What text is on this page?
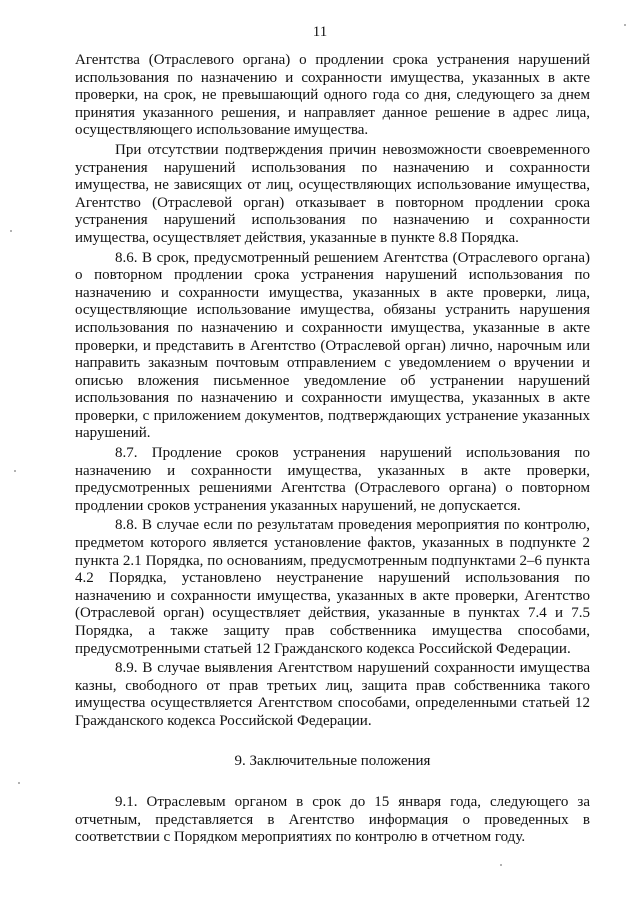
11

Агентства (Отраслевого органа) о продлении срока устранения нарушений использования по назначению и сохранности имущества, указанных в акте проверки, на срок, не превышающий одного года со дня, следующего за днем принятия указанного решения, и направляет данное решение в адрес лица, осуществляющего использование имущества.

При отсутствии подтверждения причин невозможности своевременного устранения нарушений использования по назначению и сохранности имущества, не зависящих от лиц, осуществляющих использование имущества, Агентство (Отраслевой орган) отказывает в повторном продлении срока устранения нарушений использования по назначению и сохранности имущества, осуществляет действия, указанные в пункте 8.8 Порядка.

8.6. В срок, предусмотренный решением Агентства (Отраслевого органа) о повторном продлении срока устранения нарушений использования по назначению и сохранности имущества, указанных в акте проверки, лица, осуществляющие использование имущества, обязаны устранить нарушения использования по назначению и сохранности имущества, указанные в акте проверки, и представить в Агентство (Отраслевой орган) лично, нарочным или направить заказным почтовым отправлением с уведомлением о вручении и описью вложения письменное уведомление об устранении нарушений использования по назначению и сохранности имущества, указанных в акте проверки, с приложением документов, подтверждающих устранение указанных нарушений.

8.7. Продление сроков устранения нарушений использования по назначению и сохранности имущества, указанных в акте проверки, предусмотренных решениями Агентства (Отраслевого органа) о повторном продлении сроков устранения указанных нарушений, не допускается.

8.8. В случае если по результатам проведения мероприятия по контролю, предметом которого является установление фактов, указанных в подпункте 2 пункта 2.1 Порядка, по основаниям, предусмотренным подпунктами 2–6 пункта 4.2 Порядка, установлено неустранение нарушений использования по назначению и сохранности имущества, указанных в акте проверки, Агентство (Отраслевой орган) осуществляет действия, указанные в пунктах 7.4 и 7.5 Порядка, а также защиту прав собственника имущества способами, предусмотренными статьей 12 Гражданского кодекса Российской Федерации.

8.9. В случае выявления Агентством нарушений сохранности имущества казны, свободного от прав третьих лиц, защита прав собственника такого имущества осуществляется Агентством способами, определенными статьей 12 Гражданского кодекса Российской Федерации.

9. Заключительные положения

9.1. Отраслевым органом в срок до 15 января года, следующего за отчетным, представляется в Агентство информация о проведенных в соответствии с Порядком мероприятиях по контролю в отчетном году.
